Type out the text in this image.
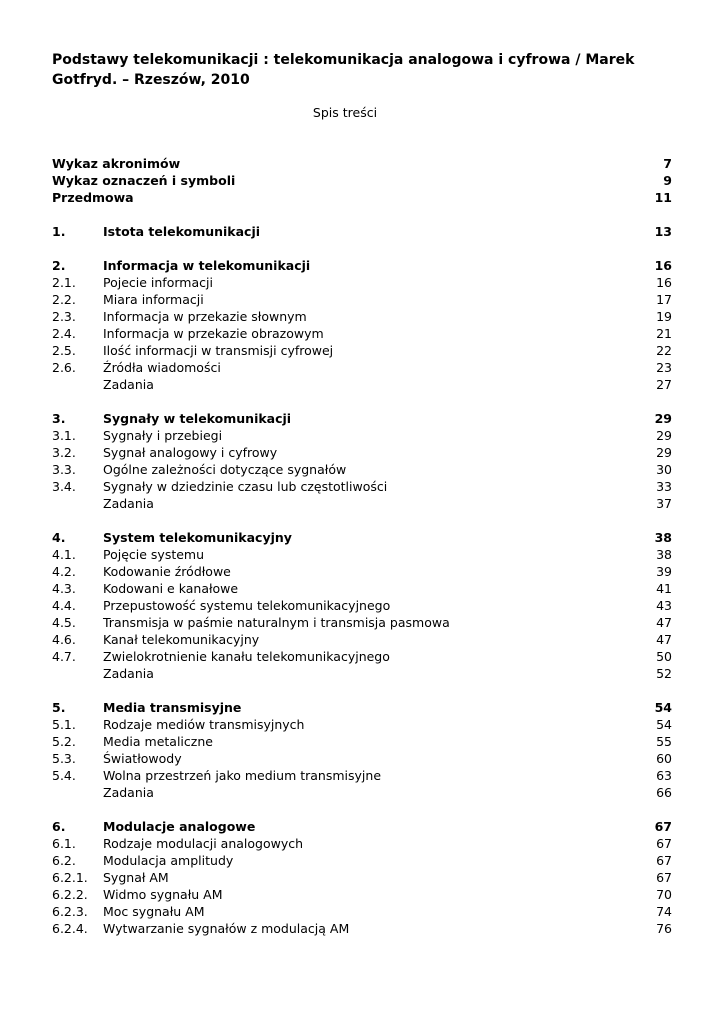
Podstawy telekomunikacji : telekomunikacja analogowa i cyfrowa / Marek Gotfryd. – Rzeszów, 2010

Spis treści

Wykaz akronimów	7
Wykaz oznaczeń i symboli	9
Przedmowa	11
1.	Istota telekomunikacji	13
2.	Informacja w telekomunikacji	16
2.1. Pojecie informacji	16
2.2. Miara informacji	17
2.3. Informacja w przekazie słownym	19
2.4. Informacja w przekazie obrazowym	21
2.5. Ilość informacji w transmisji cyfrowej	22
2.6. Źródła wiadomości	23
Zadania	27
3.	Sygnały w telekomunikacji	29
3.1. Sygnały i przebiegi	29
3.2. Sygnał analogowy i cyfrowy	29
3.3. Ogólne zależności dotyczące sygnałów	30
3.4. Sygnały w dziedzinie czasu lub częstotliwości	33
Zadania	37
4.	System telekomunikacyjny	38
4.1. Pojęcie systemu	38
4.2. Kodowanie źródłowe	39
4.3. Kodowani e kanałowe	41
4.4. Przepustowość systemu telekomunikacyjnego	43
4.5. Transmisja w paśmie naturalnym i transmisja pasmowa	47
4.6. Kanał telekomunikacyjny	47
4.7. Zwielokrotnienie kanału telekomunikacyjnego	50
Zadania	52
5.	Media transmisyjne	54
5.1. Rodzaje mediów transmisyjnych	54
5.2. Media metaliczne	55
5.3. Światłowody	60
5.4. Wolna przestrzeń jako medium transmisyjne	63
Zadania	66
6.	Modulacje analogowe	67
6.1. Rodzaje modulacji analogowych	67
6.2. Modulacja amplitudy	67
6.2.1. Sygnał AM	67
6.2.2. Widmo sygnału AM	70
6.2.3. Moc sygnału AM	74
6.2.4. Wytwarzanie sygnałów z modulacją AM	76
